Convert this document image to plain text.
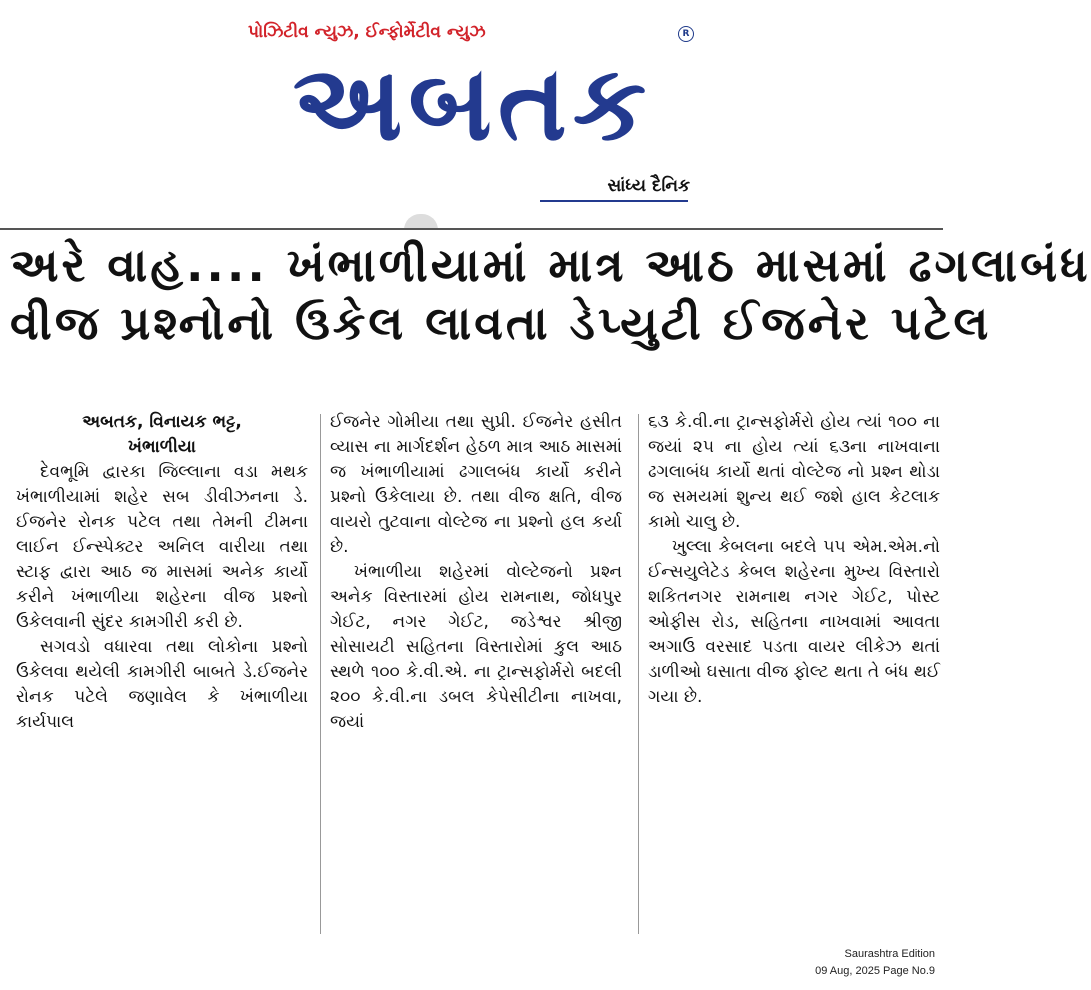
પોઝિટીવ ન્યુઝ, ઈન્ફોર્મેટીવ ન્યુઝ	R
અબતક
સાંધ્ય દૈનિક
અરે વાહ.... ખંભાળીયામાં માત્ર આઠ માસમાં ઢગલાબંધ
વીજ પ્રશ્નોનો ઉકેલ લાવતા ડેપ્યુટી ઈજનેર પટેલ

અબતક, વિનાયક ભટ્ટ,

ખંભાળીયા

દેવભૂમિ દ્વારકા જિલ્લાના વડા મથક ખંભાળીયામાં શહેર સબ ડીવીઝનના ડે. ઈજનેર રોનક પટેલ તથા તેમની ટીમના લાઈન ઈન્સ્પેક્ટર અનિલ વારીયા તથા સ્ટાફ દ્વારા આઠ જ માસમાં અનેક કાર્યો કરીને ખંભાળીયા શહેરના વીજ પ્રશ્નો ઉકેલવાની સુંદર કામગીરી કરી છે.

સગવડો વધારવા તથા લોકોના પ્રશ્નો ઉકેલવા થયેલી કામગીરી બાબતે ડે.ઈજનેર રોનક પટેલે જણાવેલ કે ખંભાળીયા કાર્યપાલ

ઈજનેર ગોમીયા તથા સુપ્રી. ઈજનેર હસીત વ્યાસ ના માર્ગદર્શન હેઠળ માત્ર આઠ માસમાં જ ખંભાળીયામાં ઢગાલબંધ કાર્યો કરીને પ્રશ્નો ઉકેલાયા છે. તથા વીજ ક્ષતિ, વીજ વાયરો તુટવાના વોલ્ટેજ ના પ્રશ્નો હલ કર્યા છે.

ખંભાળીયા શહેરમાં વોલ્ટેજનો પ્રશ્ન અનેક વિસ્તારમાં હોય રામનાથ, જોધપુર ગેઈટ, નગર ગેઈટ, જડેશ્વર શ્રીજી સોસાયટી સહિતના વિસ્તારોમાં કુલ આઠ સ્થળે ૧૦૦ કે.વી.એ. ના ટ્રાન્સફોર્મરો બદલી ૨૦૦ કે.વી.ના ડબલ કેપેસીટીના નાખવા, જયાં

૬૩ કે.વી.ના ટ્રાન્સફોર્મરો હોય ત્યાં ૧૦૦ ના જયાં ૨૫ ના હોય ત્યાં ૬૩ના નાખવાના ઢગલાબંધ કાર્યો થતાં વોલ્ટેજ નો પ્રશ્ન થોડા જ સમયમાં શુન્ય થઈ જશે હાલ કેટલાક કામો ચાલુ છે.

ખુલ્લા કેબલના બદલે ૫૫ એમ.એમ.નો ઈન્સયુલેટેડ કેબલ શહેરના મુખ્ય વિસ્તારો શકિતનગર રામનાથ નગર ગેઈટ, પોસ્ટ ઓફીસ રોડ, સહિતના નાખવામાં આવતા અગાઉ વરસાદ પડતા વાયર લીકેઝ થતાં ડાળીઓ ઘસાતા વીજ ફોલ્ટ થતા તે બંધ થઈ ગયા છે.

Saurashtra Edition
09 Aug, 2025 Page No.9
